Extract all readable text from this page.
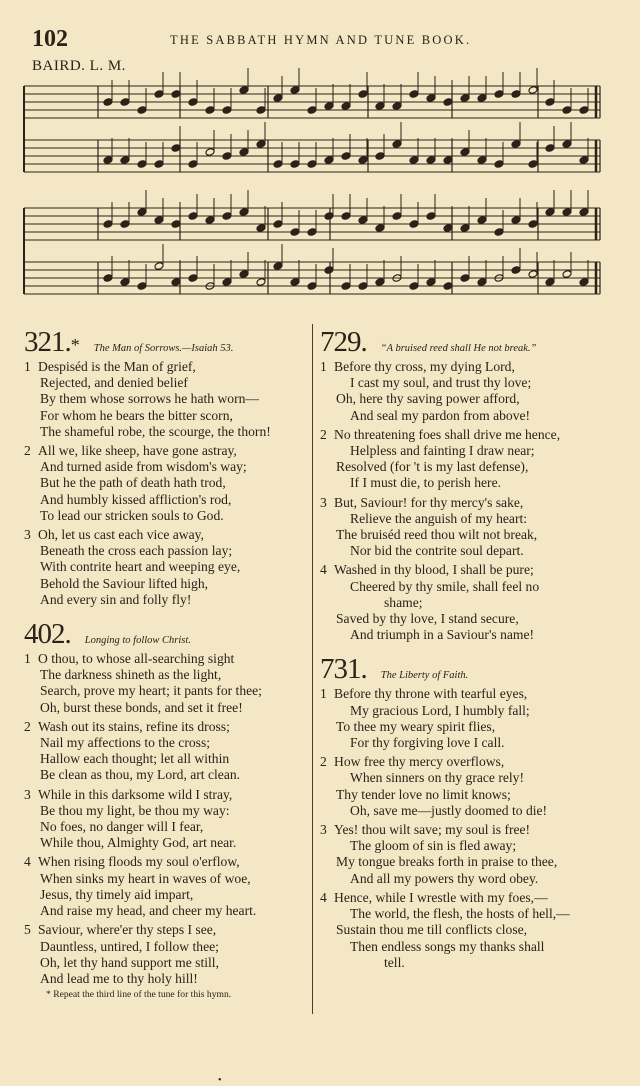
102	THE SABBATH HYMN AND TUNE BOOK.
BAIRD. L. M.
321. * The Man of Sorrows.—Isaiah 53.
1 Despiséd is the Man of grief,
Rejected, and denied belief
By them whose sorrows he hath worn—
For whom he bears the bitter scorn,
The shameful robe, the scourge, the thorn!
2 All we, like sheep, have gone astray,
And turned aside from wisdom's way;
But he the path of death hath trod,
And humbly kissed affliction's rod,
To lead our stricken souls to God.
3 Oh, let us cast each vice away,
Beneath the cross each passion lay;
With contrite heart and weeping eye,
Behold the Saviour lifted high,
And every sin and folly fly!
402. Longing to follow Christ.
1 O thou, to whose all-searching sight
The darkness shineth as the light,
Search, prove my heart; it pants for thee;
Oh, burst these bonds, and set it free!
2 Wash out its stains, refine its dross;
Nail my affections to the cross;
Hallow each thought; let all within
Be clean as thou, my Lord, art clean.
3 While in this darksome wild I stray,
Be thou my light, be thou my way:
No foes, no danger will I fear,
While thou, Almighty God, art near.
4 When rising floods my soul o'erflow,
When sinks my heart in waves of woe,
Jesus, thy timely aid impart,
And raise my head, and cheer my heart.
5 Saviour, where'er thy steps I see,
Dauntless, untired, I follow thee;
Oh, let thy hand support me still,
And lead me to thy holy hill!
* Repeat the third line of the tune for this hymn.
729. “A bruised reed shall He not break.”
1 Before thy cross, my dying Lord,
I cast my soul, and trust thy love;
Oh, here thy saving power afford,
And seal my pardon from above!
2 No threatening foes shall drive me hence,
Helpless and fainting I draw near;
Resolved (for 't is my last defense),
If I must die, to perish here.
3 But, Saviour! for thy mercy's sake,
Relieve the anguish of my heart:
The bruiséd reed thou wilt not break,
Nor bid the contrite soul depart.
4 Washed in thy blood, I shall be pure;
Cheered by thy smile, shall feel no
shame;
Saved by thy love, I stand secure,
And triumph in a Saviour's name!
731. The Liberty of Faith.
1 Before thy throne with tearful eyes,
My gracious Lord, I humbly fall;
To thee my weary spirit flies,
For thy forgiving love I call.
2 How free thy mercy overflows,
When sinners on thy grace rely!
Thy tender love no limit knows;
Oh, save me—justly doomed to die!
3 Yes! thou wilt save; my soul is free!
The gloom of sin is fled away;
My tongue breaks forth in praise to thee,
And all my powers thy word obey.
4 Hence, while I wrestle with my foes,—
The world, the flesh, the hosts of hell,—
Sustain thou me till conflicts close,
Then endless songs my thanks shall
tell.
•
